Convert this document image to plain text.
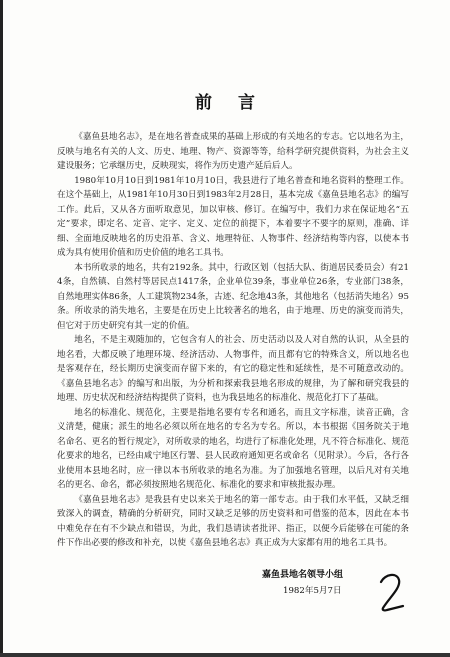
前言

《嘉鱼县地名志》，是在地名普查成果的基础上形成的有关地名的专志。它以地名为主，反映与地名有关的人文、历史、地理、物产、资源等等，给科学研究提供资料，为社会主义建设服务；它承继历史，反映现实，将作为历史遗产延后后人。

1980年10月10日到1981年10月10日，我县进行了地名普查和地名资料的整理工作。在这个基础上，从1981年10月30日到1983年2月28日，基本完成《嘉鱼县地名志》的编写工作。此后，又从各方面听取意见，加以审核、修订。在编写中，我们力求在保证地名“五定”要求，即定名、定音、定字、定义、定位的前提下，本着要字不要字的原则，准确、详细、全面地反映地名的历史沿革、含义、地理特征、人物事件、经济结构等内容，以使本书成为具有使用价值和历史价值的地名工具书。

本书所收录的地名，共有2192条。其中，行政区划（包括大队、街道居民委员会）有214条，自然镇、自然村等居民点1417条，企业单位39条，事业单位26条，专业部门38条，自然地理实体86条，人工建筑物234条，古迹、纪念地43条，其他地名（包括消失地名）95条。所收录的消失地名，主要是在历史上比较著名的地名，由于地理、历史的演变而消失，但它对于历史研究有其一定的价值。

地名，不是主观随加的，它包含有人的社会、历史活动以及人对自然的认识，从全县的地名看，大都反映了地理环境、经济活动、人物事件，而且都有它的特殊含义，所以地名也是客观存在，经长期历史演变而存留下来的，有它的稳定性和延续性，是不可随意改动的。《嘉鱼县地名志》的编写和出版，为分析和探索我县地名形成的规律，为了解和研究我县的地理、历史状况和经济结构提供了资料，也为我县地名的标准化、规范化打下了基础。

地名的标准化、规范化，主要是指地名要有专名和通名，而且文字标准，读音正确，含义清楚，健康；派生的地名必须以所在地名的专名为专名。所以，本书根据《国务院关于地名命名、更名的暂行规定》，对所收录的地名，均进行了标准化处理，凡不符合标准化、规范化要求的地名，已经由咸宁地区行署、县人民政府通知更名或命名（见附录）。今后，各行各业使用本县地名时，应一律以本书所收录的地名为准。为了加强地名管理，以后凡对有关地名的更名、命名，都必须按照地名规范化、标准化的要求和审核批报办理。

《嘉鱼县地名志》是我县有史以来关于地名的第一部专志。由于我们水平低，又缺乏细致深入的调查，精确的分析研究，同时又缺乏足够的历史资料和可借鉴的范本，因此在本书中难免存在有不少缺点和错误，为此，我们恳请读者批评、指正，以便今后能够在可能的条件下作出必要的修改和补充，以使《嘉鱼县地名志》真正成为大家都有用的地名工具书。

嘉鱼县地名领导小组
1982年5月7日
